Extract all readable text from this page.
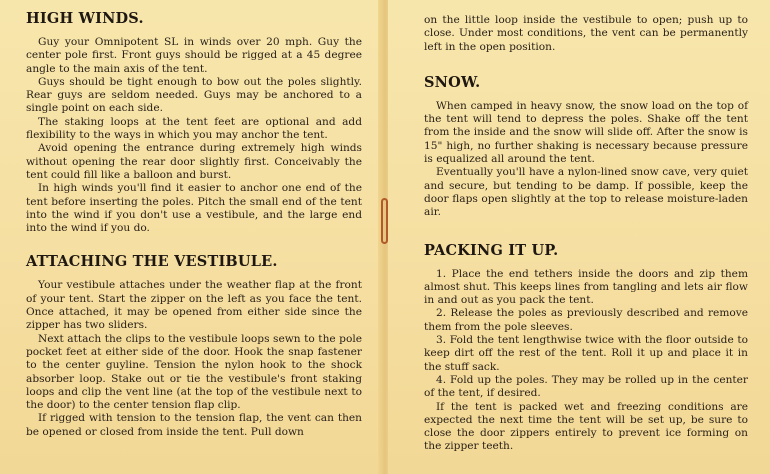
HIGH WINDS.

Guy your Omnipotent SL in winds over 20 mph. Guy the center pole first. Front guys should be rigged at a 45 degree angle to the main axis of the tent.

Guys should be tight enough to bow out the poles slightly. Rear guys are seldom needed. Guys may be anchored to a single point on each side.

The staking loops at the tent feet are optional and add flexibility to the ways in which you may anchor the tent.

Avoid opening the entrance during extremely high winds without opening the rear door slightly first. Conceivably the tent could fill like a balloon and burst.

In high winds you'll find it easier to anchor one end of the tent before inserting the poles. Pitch the small end of the tent into the wind if you don't use a vestibule, and the large end into the wind if you do.

ATTACHING THE VESTIBULE.

Your vestibule attaches under the weather flap at the front of your tent. Start the zipper on the left as you face the tent. Once attached, it may be opened from either side since the zipper has two sliders.

Next attach the clips to the vestibule loops sewn to the pole pocket feet at either side of the door. Hook the snap fastener to the center guyline. Tension the nylon hook to the shock absorber loop. Stake out or tie the vestibule's front staking loops and clip the vent line (at the top of the vestibule next to the door) to the center tension flap clip.

If rigged with tension to the tension flap, the vent can then be opened or closed from inside the tent. Pull down

on the little loop inside the vestibule to open; push up to close. Under most conditions, the vent can be permanently left in the open position.

SNOW.

When camped in heavy snow, the snow load on the top of the tent will tend to depress the poles. Shake off the tent from the inside and the snow will slide off. After the snow is 15" high, no further shaking is necessary because pressure is equalized all around the tent.

Eventually you'll have a nylon-lined snow cave, very quiet and secure, but tending to be damp. If possible, keep the door flaps open slightly at the top to release moisture-laden air.

PACKING IT UP.

1. Place the end tethers inside the doors and zip them almost shut. This keeps lines from tangling and lets air flow in and out as you pack the tent.

2. Release the poles as previously described and remove them from the pole sleeves.

3. Fold the tent lengthwise twice with the floor outside to keep dirt off the rest of the tent. Roll it up and place it in the stuff sack.

4. Fold up the poles. They may be rolled up in the center of the tent, if desired.

If the tent is packed wet and freezing conditions are expected the next time the tent will be set up, be sure to close the door zippers entirely to prevent ice forming on the zipper teeth.
